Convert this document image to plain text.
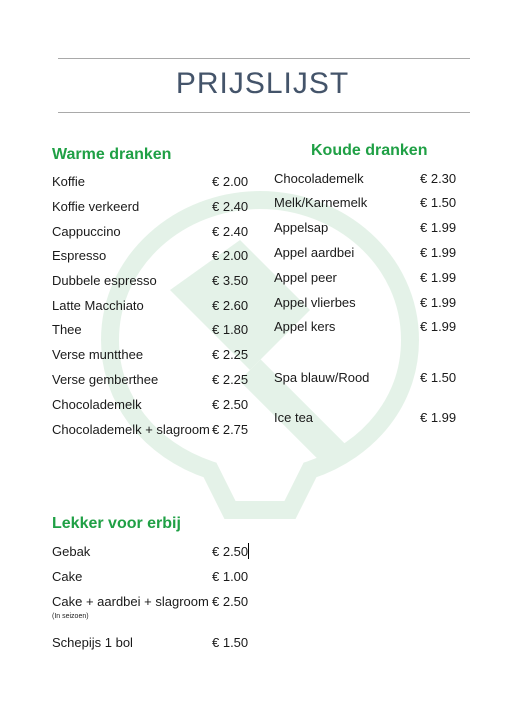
PRIJSLIJST
Warme dranken
Koffie	€ 2.00
Koffie verkeerd	€ 2.40
Cappuccino	€ 2.40
Espresso	€ 2.00
Dubbele espresso	€ 3.50
Latte Macchiato	€ 2.60
Thee	€ 1.80
Verse muntthee	€ 2.25
Verse gemberthee	€ 2.25
Chocolademelk	€ 2.50
Chocolademelk + slagroom € 2.75
Koude dranken
Chocolademelk	€ 2.30
Melk/Karnemelk	€ 1.50
Appelsap	€ 1.99
Appel aardbei	€ 1.99
Appel peer	€ 1.99
Appel vlierbes	€ 1.99
Appel kers	€ 1.99
Spa blauw/Rood	€ 1.50
Ice tea	€ 1.99
Lekker voor erbij
Gebak	€ 2.50
Cake	€ 1.00
Cake + aardbei + slagroom € 2.50
(In seizoen)
Schepijs 1 bol	€ 1.50
